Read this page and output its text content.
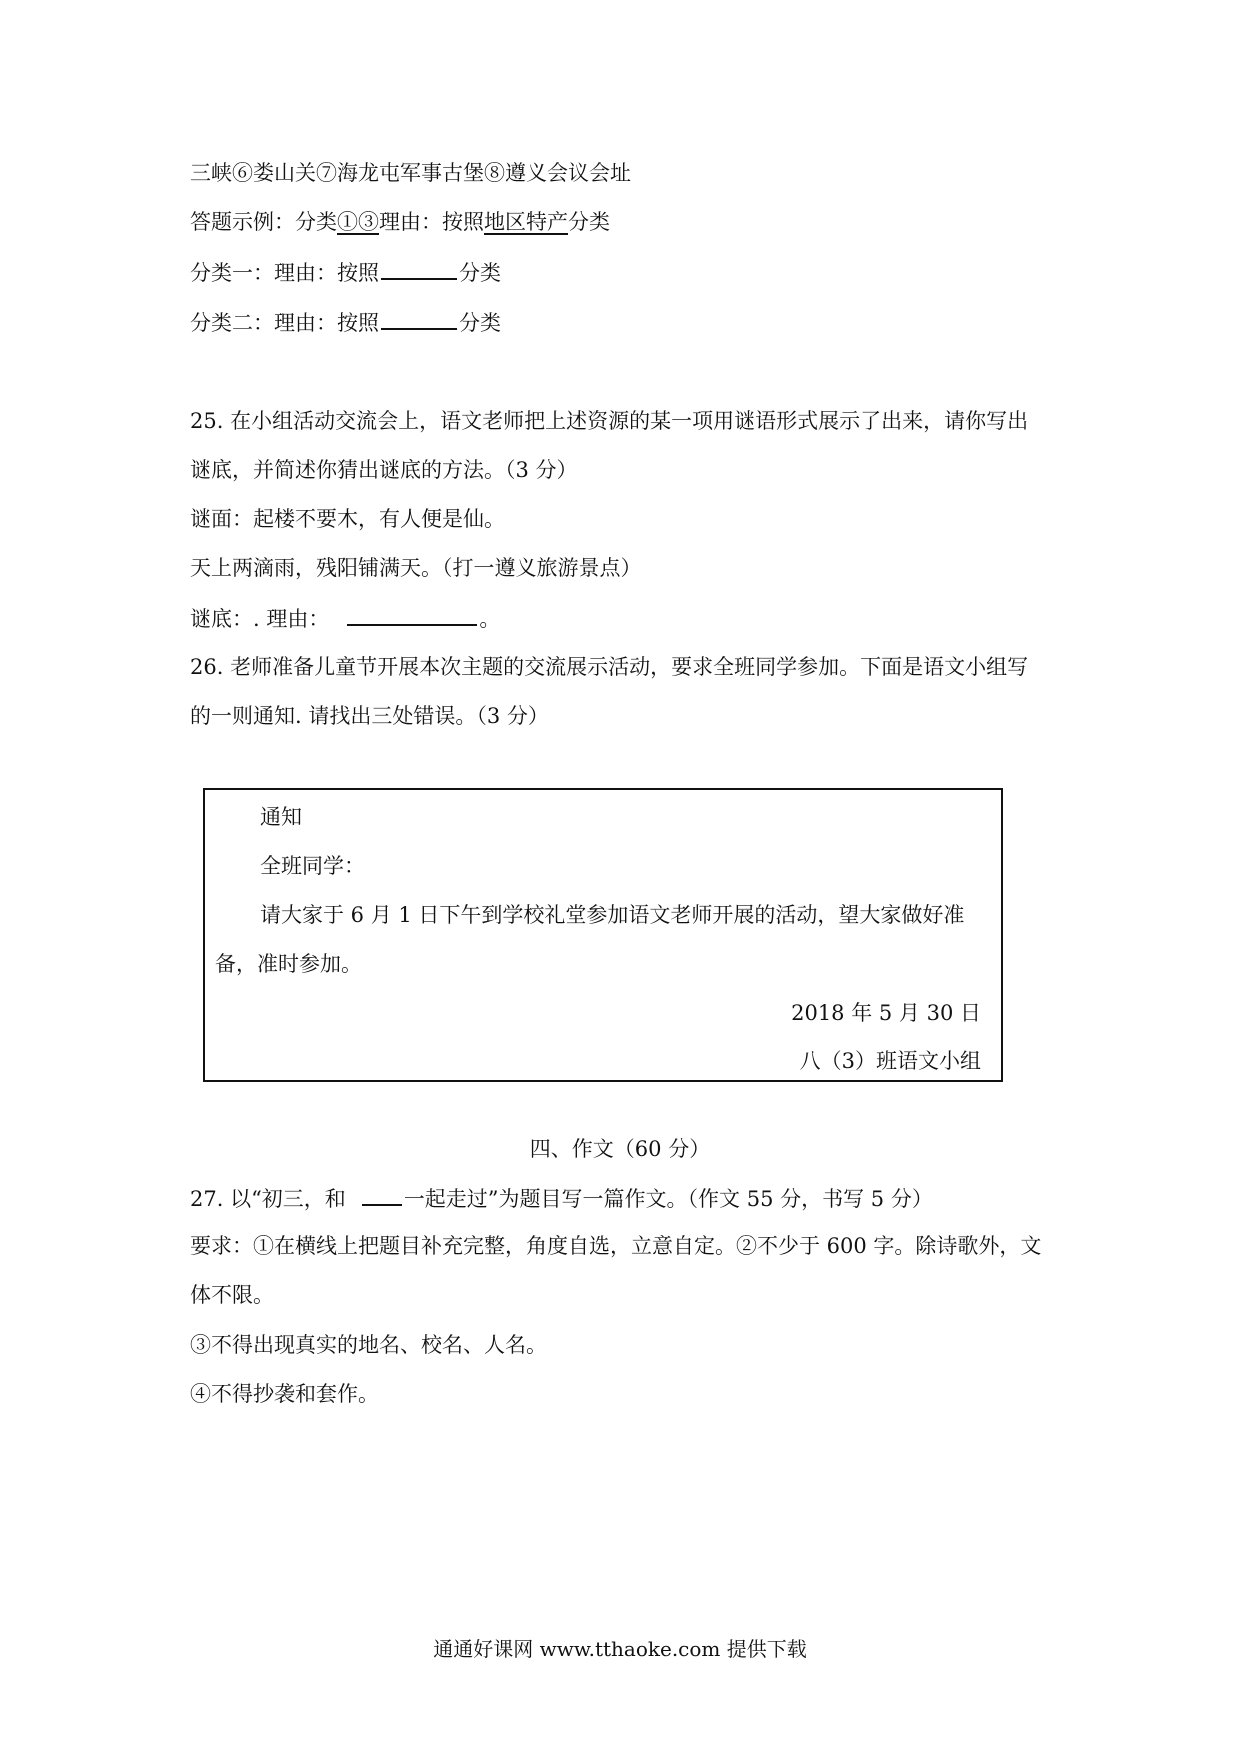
三峡⑥娄山关⑦海龙屯军事古堡⑧遵义会议会址
答题示例：分类①③理由：按照地区特产分类
分类一：理由：按照	分类
分类二：理由：按照	分类
25. 在小组活动交流会上，语文老师把上述资源的某一项用谜语形式展示了出来，请你写出
谜底，并简述你猜出谜底的方法。（3 分）
谜面：起楼不要木，有人便是仙。
天上两滴雨，残阳铺满天。（打一遵义旅游景点）
谜底：. 理由：	。
26. 老师准备儿童节开展本次主题的交流展示活动，要求全班同学参加。下面是语文小组写
的一则通知. 请找出三处错误。（3 分）
通知
全班同学：
请大家于 6 月 1 日下午到学校礼堂参加语文老师开展的活动，望大家做好准
备，准时参加。
2018 年 5 月 30 日
八（3）班语文小组
四、作文（60 分）
27. 以“初三，和	一起走过”为题目写一篇作文。（作文 55 分，书写 5 分）
要求：①在横线上把题目补充完整，角度自选，立意自定。②不少于 600 字。除诗歌外，文
体不限。
③不得出现真实的地名、校名、人名。
④不得抄袭和套作。
通通好课网 www.tthaoke.com 提供下载
